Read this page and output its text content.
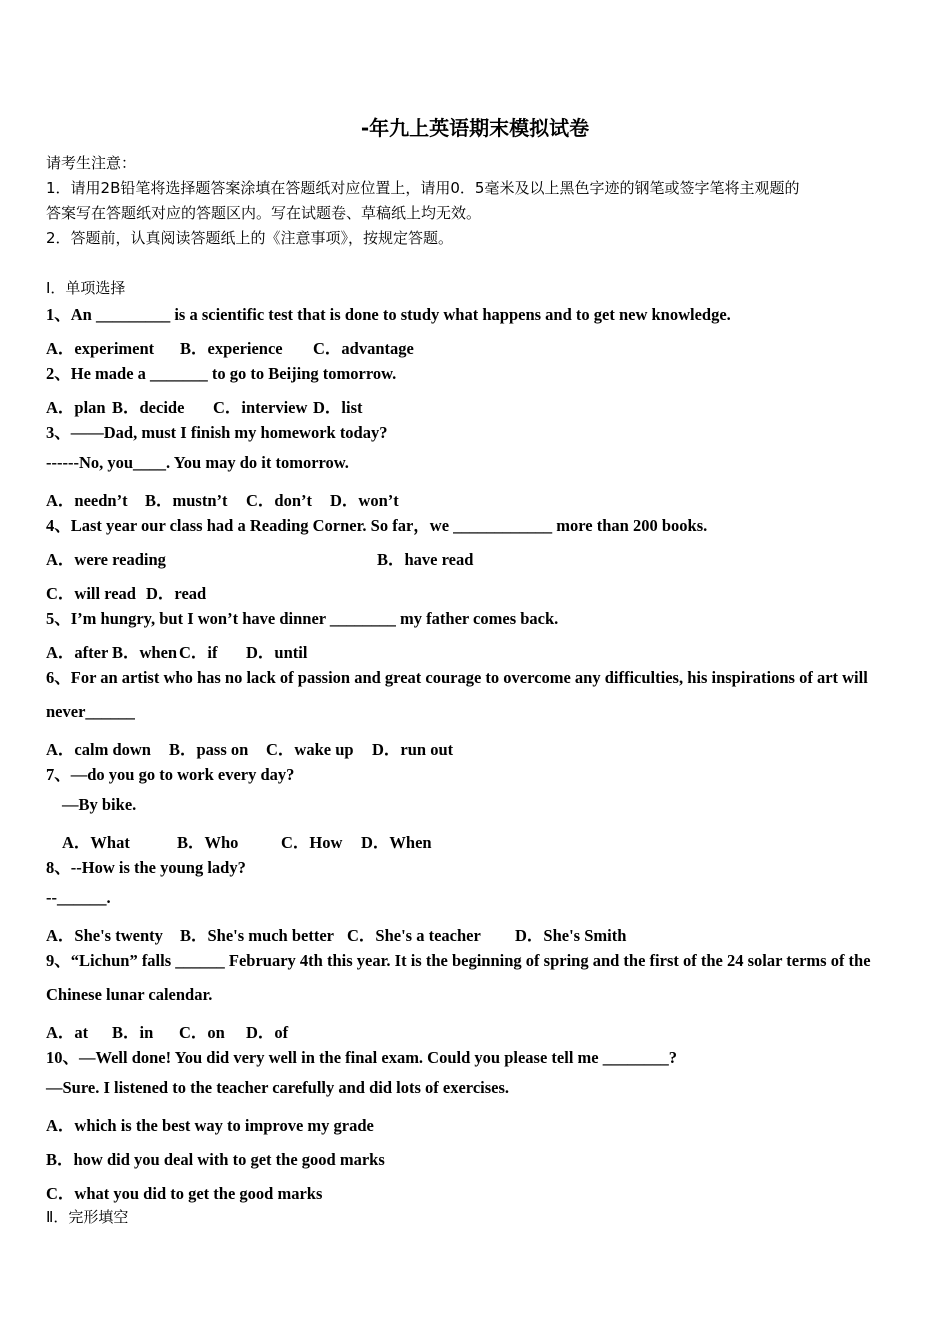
-年九上英语期末模拟试卷
请考生注意：
1．请用2B铅笔将选择题答案涂填在答题纸对应位置上，请用0．5毫米及以上黑色字迹的钢笔或签字笔将主观题的
答案写在答题纸对应的答题区内。写在试题卷、草稿纸上均无效。
2．答题前，认真阅读答题纸上的《注意事项》，按规定答题。
Ⅰ．单项选择
1、An _________ is a scientific test that is done to study what happens and to get new knowledge.
A．experiment B．experience C．advantage
2、He made a _______ to go to Beijing tomorrow.
A．plan B．decide C．interview D．list
3、——Dad, must I finish my homework today?
------No, you____. You may do it tomorrow.
A．needn’t B．mustn’t C．don’t D．won’t
4、Last year our class had a Reading Corner. So far，we ____________ more than 200 books.
A．were reading	B．have read
C．will read D．read
5、I’m hungry, but I won’t have dinner ________ my father comes back.
A．after B．when C．if D．until
6、For an artist who has no lack of passion and great courage to overcome any difficulties, his inspirations of art will
never______
A．calm down B．pass on C．wake up D．run out
7、—do you go to work every day?
—By bike.
A．What	B．Who	C．How D．When
8、--How is the young lady?
--______.
A．She's twenty B．She's much better C．She's a teacher D．She's Smith
9、“Lichun” falls ______ February 4th this year. It is the beginning of spring and the first of the 24 solar terms of the
Chinese lunar calendar.
A．at B．in C．on D．of
10、—Well done! You did very well in the final exam. Could you please tell me ________?
—Sure. I listened to the teacher carefully and did lots of exercises.
A．which is the best way to improve my grade
B．how did you deal with to get the good marks
C．what you did to get the good marks
Ⅱ．完形填空
